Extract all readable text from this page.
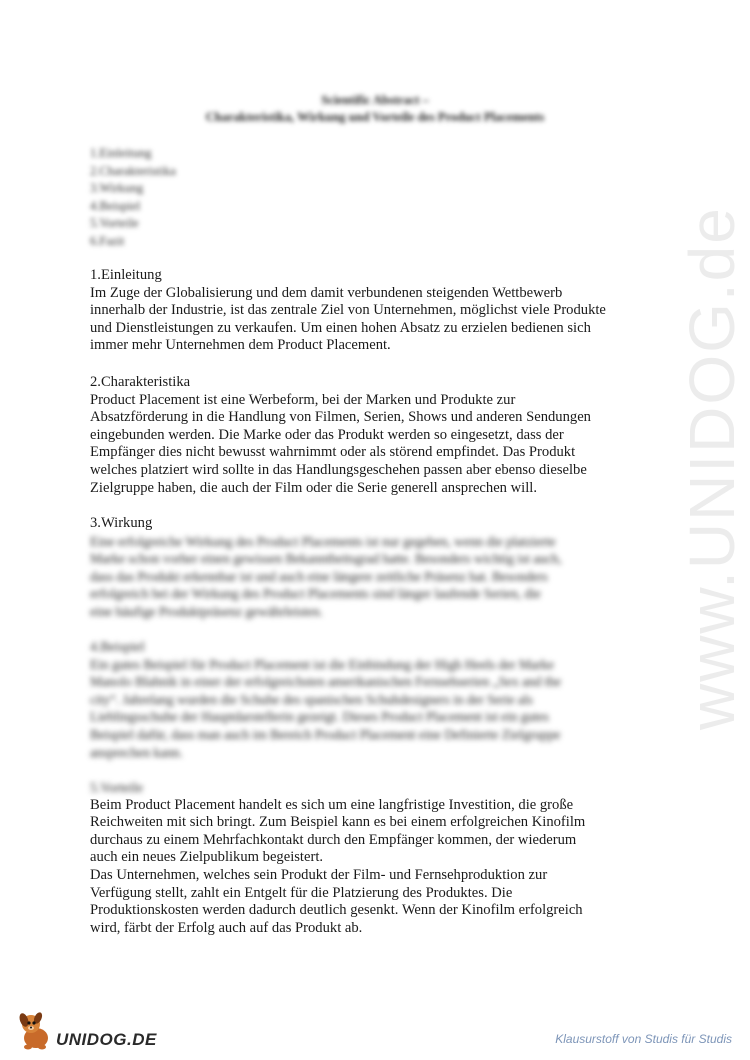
www.UNIDOG.de
Scientific Abstract –
Charakteristika, Wirkung und Vorteile des Product Placements
1.Einleitung
2.Charakteristika
3.Wirkung
4.Beispiel
5.Vorteile
6.Fazit
1.Einleitung
Im Zuge der Globalisierung und dem damit verbundenen steigenden Wettbewerb
innerhalb der Industrie, ist das zentrale Ziel von Unternehmen, möglichst viele Produkte
und Dienstleistungen zu verkaufen. Um einen hohen Absatz zu erzielen bedienen sich
immer mehr Unternehmen dem Product Placement.
2.Charakteristika
Product Placement ist eine Werbeform, bei der Marken und Produkte zur
Absatzförderung in die Handlung von Filmen, Serien, Shows und anderen Sendungen
eingebunden werden. Die Marke oder das Produkt werden so eingesetzt, dass der
Empfänger dies nicht bewusst wahrnimmt oder als störend empfindet. Das Produkt
welches platziert wird sollte in das Handlungsgeschehen passen aber ebenso dieselbe
Zielgruppe haben, die auch der Film oder die Serie generell ansprechen will.
3.Wirkung
Eine erfolgreiche Wirkung des Product Placements ist nur gegeben, wenn die platzierte
Marke schon vorher einen gewissen Bekanntheitsgrad hatte. Besonders wichtig ist auch,
dass das Produkt erkennbar ist und auch eine längere zeitliche Präsenz hat. Besonders
erfolgreich bei der Wirkung des Product Placements sind länger laufende Serien, die
eine häufige Produktpräsenz gewährleisten.
4.Beispiel
Ein gutes Beispiel für Product Placement ist die Einbindung der High Heels der Marke
Manolo Blahnik in einer der erfolgreichsten amerikanischen Fernsehserien „Sex and the
city“. Jahrelang wurden die Schuhe des spanischen Schuhdesigners in der Serie als
Lieblingsschuhe der Hauptdarstellerin gezeigt. Dieses Product Placement ist ein gutes
Beispiel dafür, dass man auch im Bereich Product Placement eine Definierte Zielgruppe
ansprechen kann.
5.Vorteile
Beim Product Placement handelt es sich um eine langfristige Investition, die große
Reichweiten mit sich bringt. Zum Beispiel kann es bei einem erfolgreichen Kinofilm
durchaus zu einem Mehrfachkontakt durch den Empfänger kommen, der wiederum
auch ein neues Zielpublikum begeistert.
Das Unternehmen, welches sein Produkt der Film- und Fernsehproduktion zur
Verfügung stellt, zahlt ein Entgelt für die Platzierung des Produktes. Die
Produktionskosten werden dadurch deutlich gesenkt. Wenn der Kinofilm erfolgreich
wird, färbt der Erfolg auch auf das Produkt ab.
UNIDOG.DE	Klausurstoff von Studis für Studis
